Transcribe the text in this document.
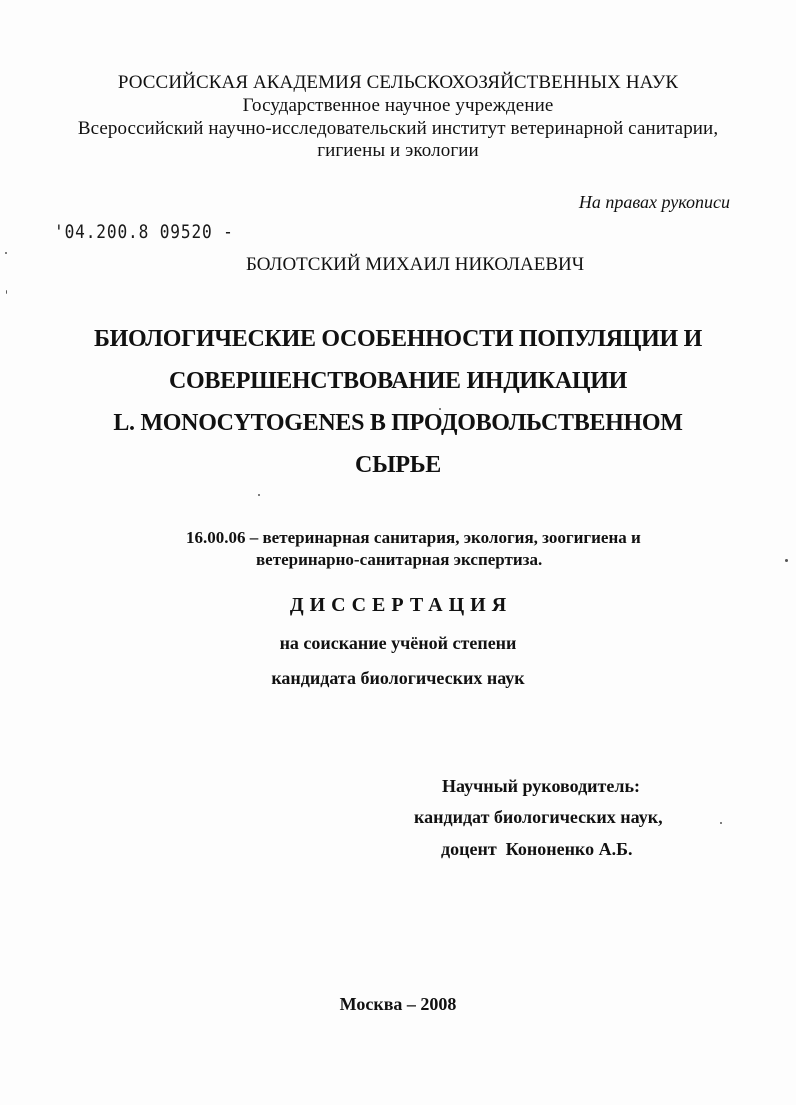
РОССИЙСКАЯ АКАДЕМИЯ СЕЛЬСКОХОЗЯЙСТВЕННЫХ НАУК
Государственное научное учреждение
Всероссийский научно-исследовательский институт ветеринарной санитарии,
гигиены и экологии
На правах рукописи
'04.200.8 09520 -
БОЛОТСКИЙ МИХАИЛ НИКОЛАЕВИЧ
БИОЛОГИЧЕСКИЕ ОСОБЕННОСТИ ПОПУЛЯЦИИ И
СОВЕРШЕНСТВОВАНИЕ ИНДИКАЦИИ
L. MONOCYTOGENES В ПРОДОВОЛЬСТВЕННОМ
СЫРЬЕ
16.00.06 – ветеринарная санитария, экология, зоогигиена и
ветеринарно-санитарная экспертиза.
ДИССЕРТАЦИЯ
на соискание учёной степени
кандидата биологических наук
Научный руководитель:
кандидат биологических наук,
доцент  Кононенко А.Б.
Москва – 2008
